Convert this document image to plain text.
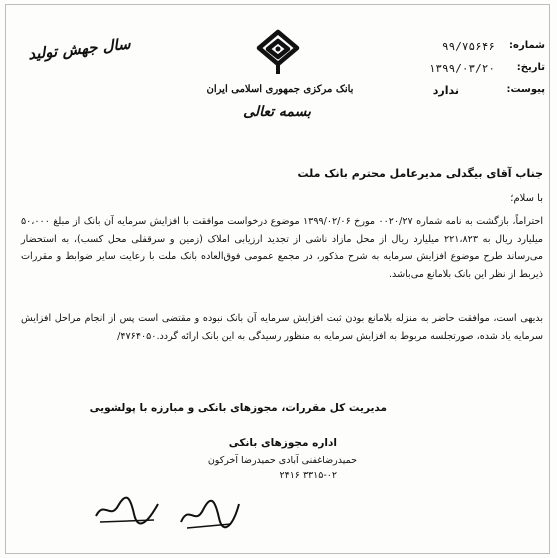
شماره:
۹۹/۷۵۶۴۶
تاریخ:
۱۳۹۹/۰۳/۲۰
پیوست:
ندارد
سال جهش تولید
بانک مرکزی جمهوری اسلامی ایران
بسمه تعالی
جناب آقای بیگدلی مدیرعامل محترم بانک ملت
با سلام؛
احتراماً، بازگشت به نامه شماره ۰۰۲۰/۲۷ مورخ ۱۳۹۹/۰۲/۰۶ موضوع درخواست موافقت با افزایش سرمایه آن بانک از مبلغ ۵۰،۰۰۰ میلیارد ریال به ۲۲۱،۸۲۳ میلیارد ریال از محل مازاد ناشی از تجدید ارزیابی املاک (زمین و سرقفلی محل کسب)، به استحضار می‌رساند طرح موضوع افزایش سرمایه به شرح مذکور، در مجمع عمومی فوق‌العاده بانک ملت با رعایت سایر ضوابط و مقررات ذیربط از نظر این بانک بلامانع می‌باشد.
بدیهی است، موافقت حاضر به منزله بلامانع بودن ثبت افزایش سرمایه آن بانک نبوده و مقتضی است پس از انجام مراحل افزایش سرمایه یاد شده، صورتجلسه مربوط به افزایش سرمایه به منظور رسیدگی به این بانک ارائه گردد.۴۷۶۴۰۵۰/
مدیریت کل مقررات، مجوزهای بانکی و مبارزه با پولشویی
اداره مجوزهای بانکی
حمیدرضاغفنی آبادی حمیدرضا آخرکون
۳۳۱۵-۰۲ ۲۴۱۶
